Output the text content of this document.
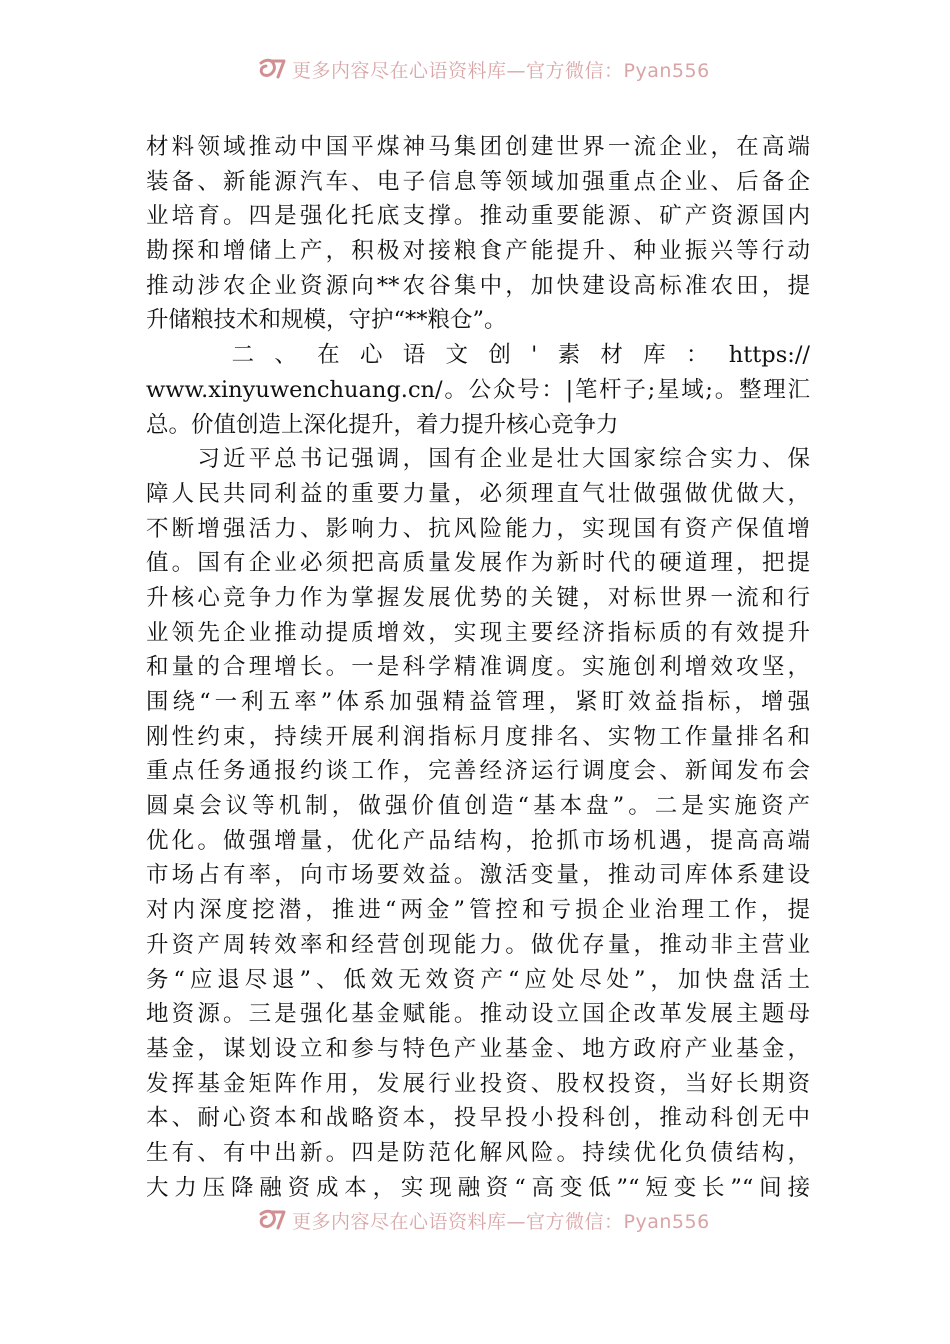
更多内容尽在心语资料库—官方微信：Pyan556
材料领域推动中国平煤神马集团创建世界一流企业，在高端
装备、新能源汽车、电子信息等领域加强重点企业、后备企
业培育。四是强化托底支撑。推动重要能源、矿产资源国内
勘探和增储上产，积极对接粮食产能提升、种业振兴等行动
推动涉农企业资源向**农谷集中，加快建设高标准农田，提
升储粮技术和规模，守护“**粮仓”。
　　二、在心语文创'素材库：https://
www.xinyuwenchuang.cn/。公众号：|笔杆子;星域;。整理汇
总。价值创造上深化提升，着力提升核心竞争力
　　习近平总书记强调，国有企业是壮大国家综合实力、保
障人民共同利益的重要力量，必须理直气壮做强做优做大，
不断增强活力、影响力、抗风险能力，实现国有资产保值增
值。国有企业必须把高质量发展作为新时代的硬道理，把提
升核心竞争力作为掌握发展优势的关键，对标世界一流和行
业领先企业推动提质增效，实现主要经济指标质的有效提升
和量的合理增长。一是科学精准调度。实施创利增效攻坚，
围绕“一利五率”体系加强精益管理，紧盯效益指标，增强
刚性约束，持续开展利润指标月度排名、实物工作量排名和
重点任务通报约谈工作，完善经济运行调度会、新闻发布会
圆桌会议等机制，做强价值创造“基本盘”。二是实施资产
优化。做强增量，优化产品结构，抢抓市场机遇，提高高端
市场占有率，向市场要效益。激活变量，推动司库体系建设
对内深度挖潜，推进“两金”管控和亏损企业治理工作，提
升资产周转效率和经营创现能力。做优存量，推动非主营业
务“应退尽退”、低效无效资产“应处尽处”，加快盘活土
地资源。三是强化基金赋能。推动设立国企改革发展主题母
基金，谋划设立和参与特色产业基金、地方政府产业基金，
发挥基金矩阵作用，发展行业投资、股权投资，当好长期资
本、耐心资本和战略资本，投早投小投科创，推动科创无中
生有、有中出新。四是防范化解风险。持续优化负债结构，
大力压降融资成本，实现融资“高变低”“短变长”“间接
更多内容尽在心语资料库—官方微信：Pyan556
